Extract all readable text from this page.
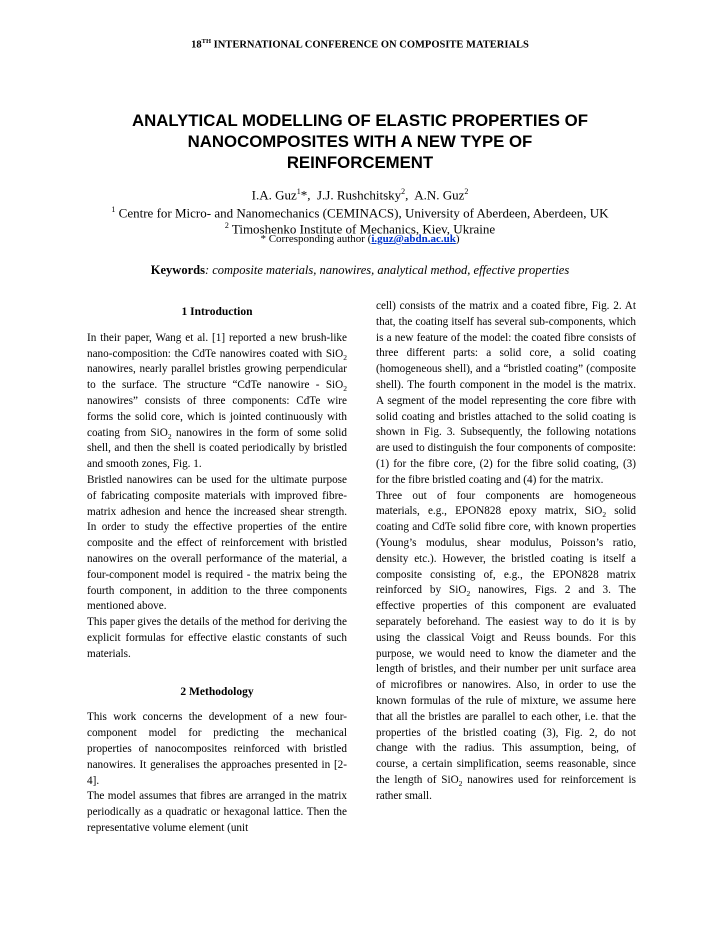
18TH INTERNATIONAL CONFERENCE ON COMPOSITE MATERIALS
ANALYTICAL MODELLING OF ELASTIC PROPERTIES OF
NANOCOMPOSITES WITH A NEW TYPE OF
REINFORCEMENT
I.A. Guz$^1$*, J.J. Rushchitsky$^2$, A.N. Guz$^2$
$^1$ Centre for Micro- and Nanomechanics (CEMINACS), University of Aberdeen, Aberdeen, UK
$^2$ Timoshenko Institute of Mechanics, Kiev, Ukraine
* Corresponding author (i.guz@abdn.ac.uk)
Keywords: composite materials, nanowires, analytical method, effective properties
1 Introduction

In their paper, Wang et al. [1] reported a new brush-like nano-composition: the CdTe nanowires coated with SiO$_2$ nanowires, nearly parallel bristles growing perpendicular to the surface. The structure “CdTe nanowire - SiO$_2$ nanowires” consists of three components: CdTe wire forms the solid core, which is jointed continuously with coating from SiO$_2$ nanowires in the form of some solid shell, and then the shell is coated periodically by bristled and smooth zones, Fig. 1.

Bristled nanowires can be used for the ultimate purpose of fabricating composite materials with improved fibre-matrix adhesion and hence the increased shear strength. In order to study the effective properties of the entire composite and the effect of reinforcement with bristled nanowires on the overall performance of the material, a four-component model is required - the matrix being the fourth component, in addition to the three components mentioned above.

This paper gives the details of the method for deriving the explicit formulas for effective elastic constants of such materials.

2 Methodology

This work concerns the development of a new four-component model for predicting the mechanical properties of nanocomposites reinforced with bristled nanowires. It generalises the approaches presented in [2-4].

The model assumes that fibres are arranged in the matrix periodically as a quadratic or hexagonal lattice. Then the representative volume element (unit

cell) consists of the matrix and a coated fibre, Fig. 2. At that, the coating itself has several sub-components, which is a new feature of the model: the coated fibre consists of three different parts: a solid core, a solid coating (homogeneous shell), and a “bristled coating” (composite shell). The fourth component in the model is the matrix. A segment of the model representing the core fibre with solid coating and bristles attached to the solid coating is shown in Fig. 3. Subsequently, the following notations are used to distinguish the four components of composite: (1) for the fibre core, (2) for the fibre solid coating, (3) for the fibre bristled coating and (4) for the matrix.

Three out of four components are homogeneous materials, e.g., EPON828 epoxy matrix, SiO$_2$ solid coating and CdTe solid fibre core, with known properties (Young’s modulus, shear modulus, Poisson’s ratio, density etc.). However, the bristled coating is itself a composite consisting of, e.g., the EPON828 matrix reinforced by SiO$_2$ nanowires, Figs. 2 and 3. The effective properties of this component are evaluated separately beforehand. The easiest way to do it is by using the classical Voigt and Reuss bounds. For this purpose, we would need to know the diameter and the length of bristles, and their number per unit surface area of microfibres or nanowires. Also, in order to use the known formulas of the rule of mixture, we assume here that all the bristles are parallel to each other, i.e. that the properties of the bristled coating (3), Fig. 2, do not change with the radius. This assumption, being, of course, a certain simplification, seems reasonable, since the length of SiO$_2$ nanowires used for reinforcement is rather small.
